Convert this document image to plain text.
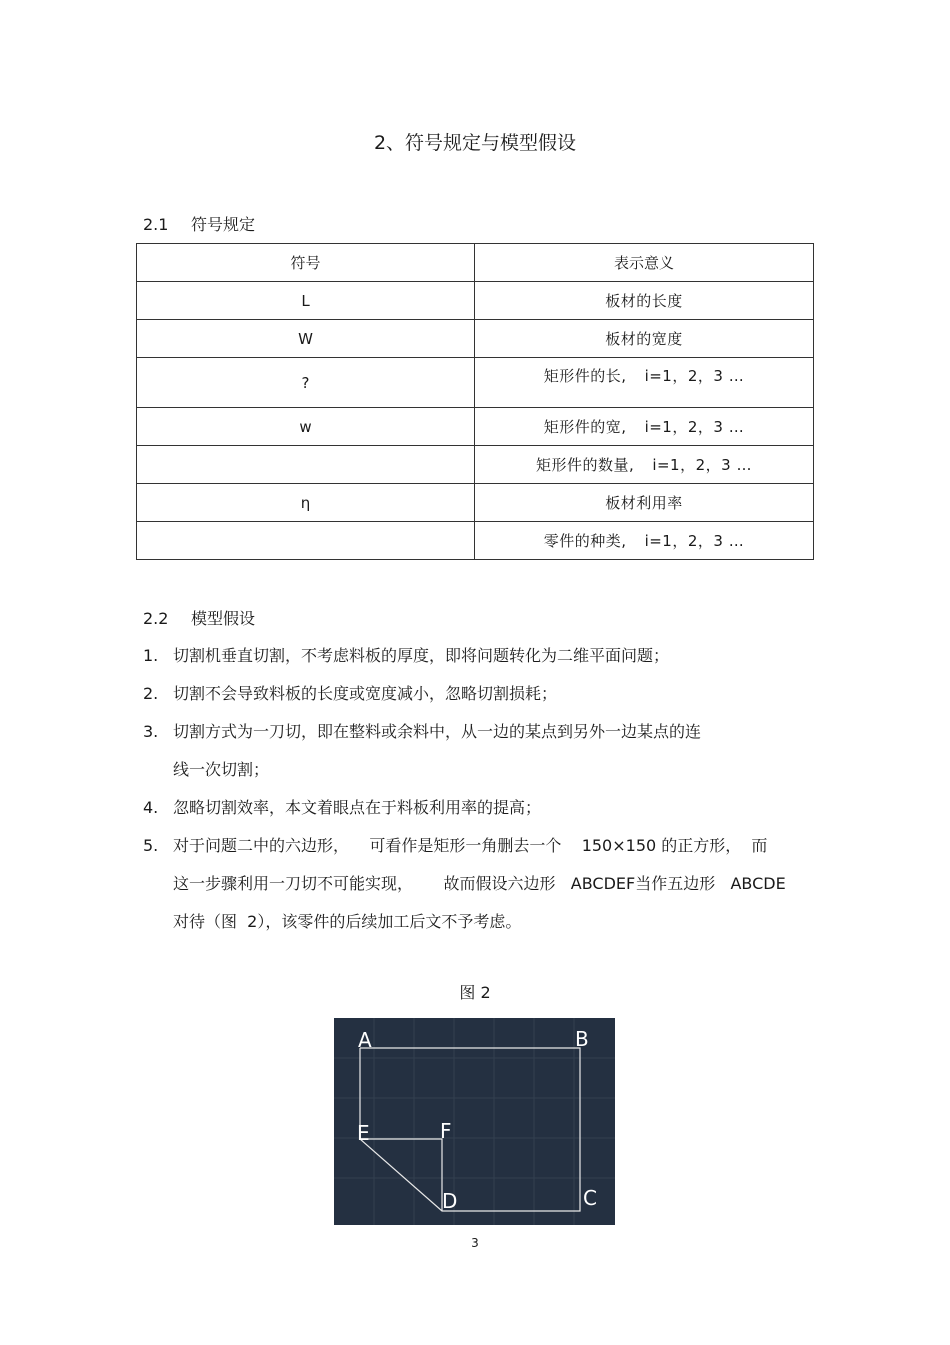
2、符号规定与模型假设
2.1 符号规定
符号	表示意义
L	板材的长度
W	板材的宽度
?	矩形件的长, i=1，2，3 …
w	矩形件的宽, i=1，2，3 …
	矩形件的数量, i=1，2，3 …
η	板材利用率
	零件的种类, i=1，2，3 …
2.2 模型假设
1. 切割机垂直切割，不考虑料板的厚度，即将问题转化为二维平面问题；
2. 切割不会导致料板的长度或宽度减小，忽略切割损耗；
3. 切割方式为一刀切，即在整料或余料中，从一边的某点到另外一边某点的连
线一次切割；
4. 忽略切割效率，本文着眼点在于料板利用率的提高；
5. 对于问题二中的六边形，    可看作是矩形一角删去一个    150×150 的正方形，  而
这一步骤利用一刀切不可能实现，      故而假设六边形   ABCDEF当作五边形   ABCDE
对待（图  2），该零件的后续加工后文不予考虑。
图 2
A	B
C
D
E	F
3
